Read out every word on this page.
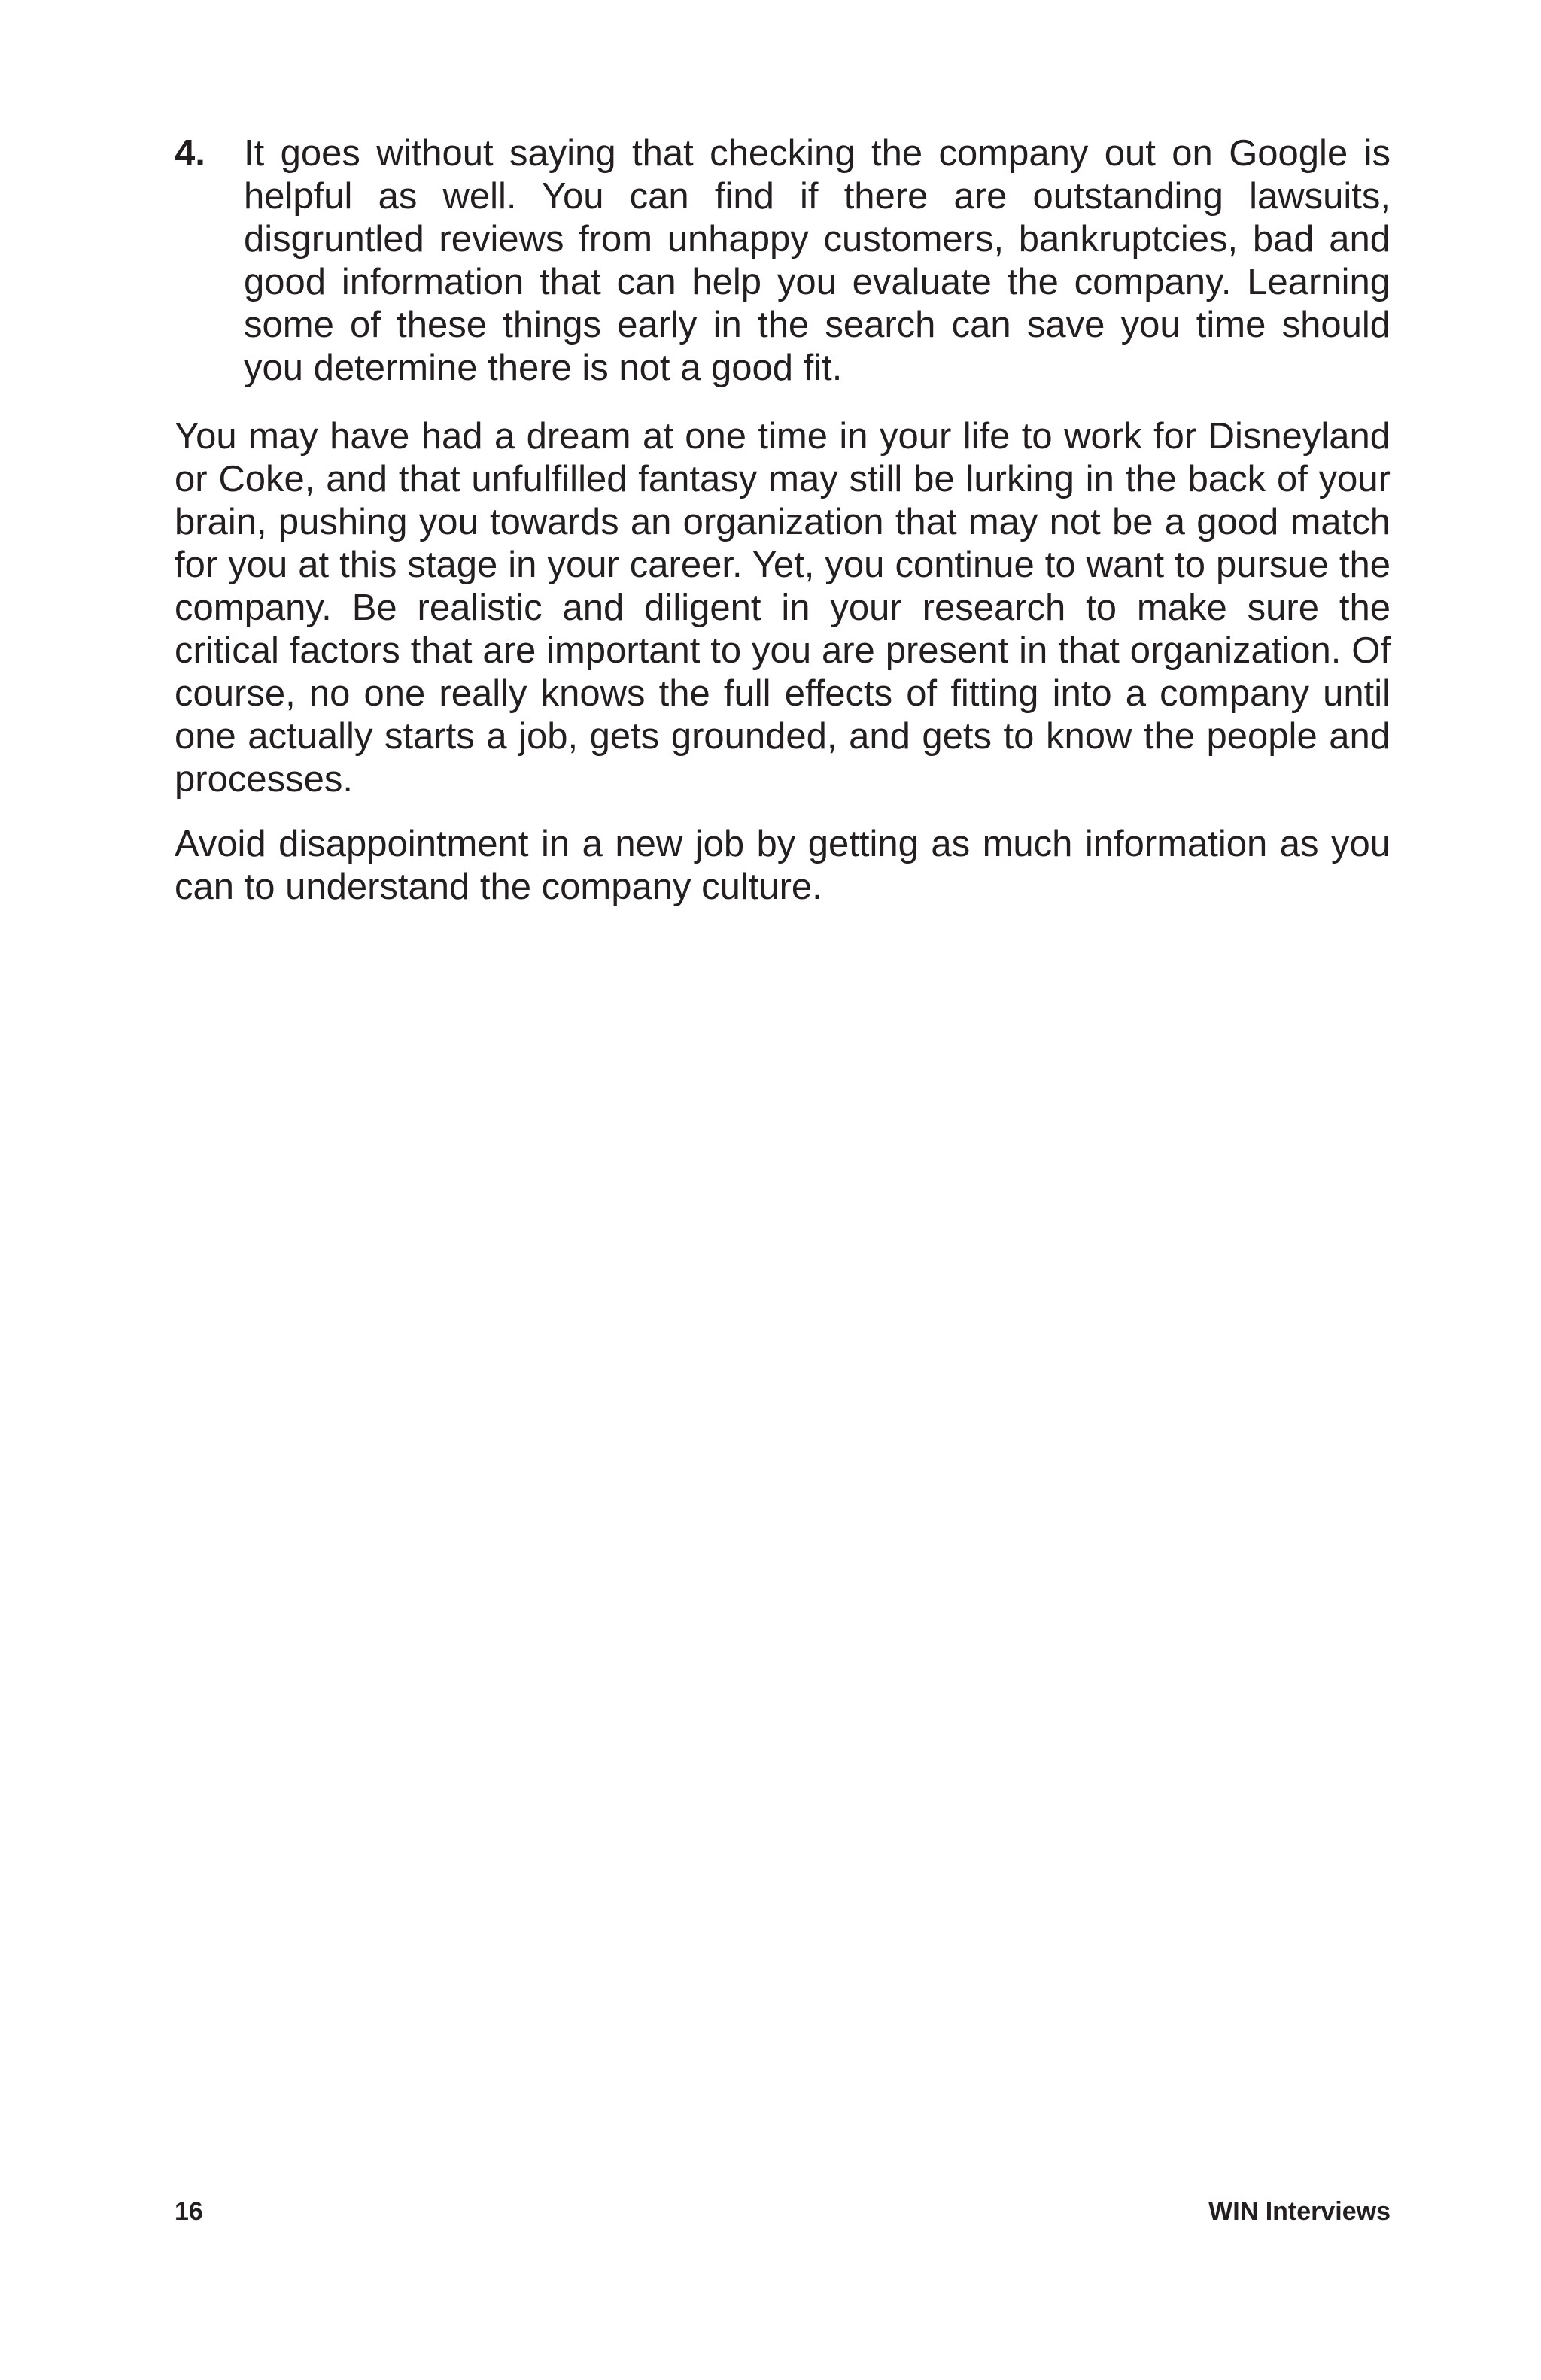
4. It goes without saying that checking the company out on Google is helpful as well. You can find if there are outstanding lawsuits, disgruntled reviews from unhappy customers, bankruptcies, bad and good information that can help you evaluate the company. Learning some of these things early in the search can save you time should you determine there is not a good fit.

You may have had a dream at one time in your life to work for Disneyland or Coke, and that unfulfilled fantasy may still be lurking in the back of your brain, pushing you towards an organization that may not be a good match for you at this stage in your career. Yet, you continue to want to pursue the company. Be realistic and diligent in your research to make sure the critical factors that are important to you are present in that organization. Of course, no one really knows the full effects of fitting into a company until one actually starts a job, gets grounded, and gets to know the people and processes.

Avoid disappointment in a new job by getting as much information as you can to understand the company culture.

16	WIN Interviews
